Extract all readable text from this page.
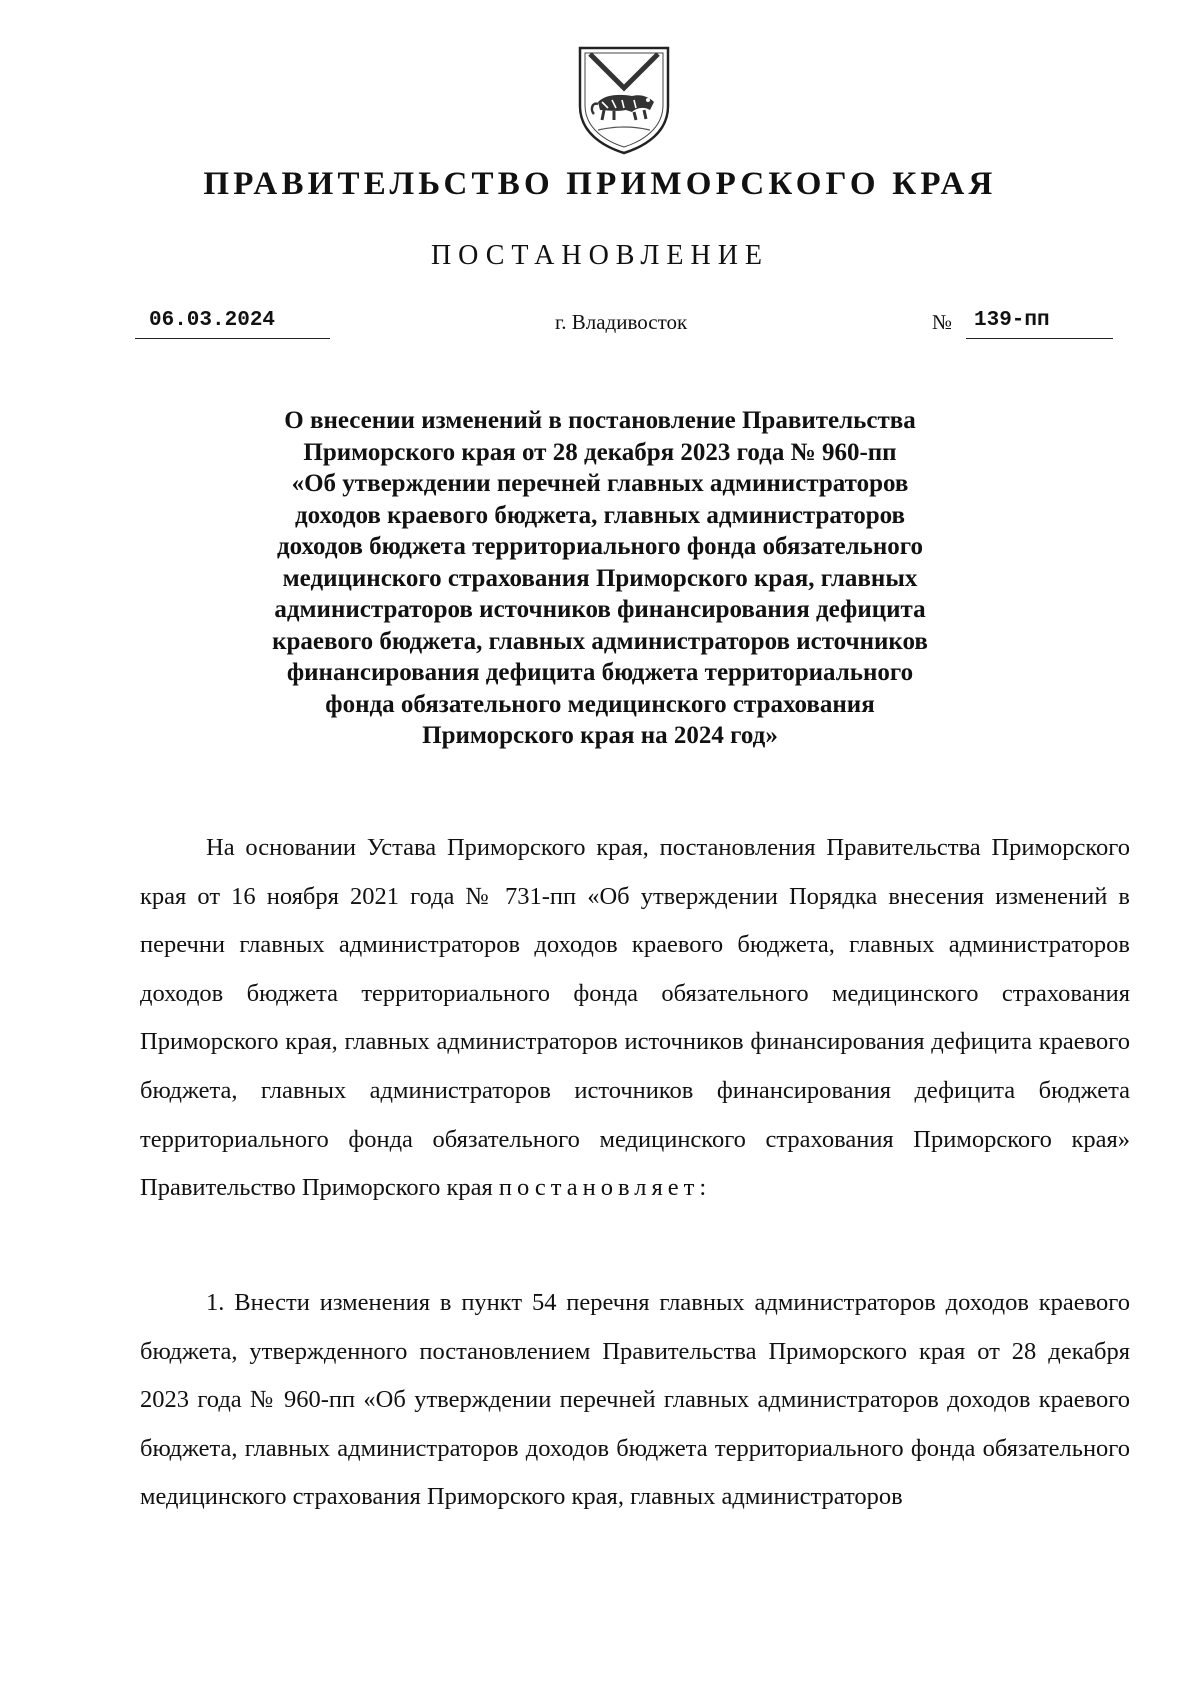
ПРАВИТЕЛЬСТВО ПРИМОРСКОГО КРАЯ
ПОСТАНОВЛЕНИЕ
06.03.2024	г. Владивосток	№	139-пп
О внесении изменений в постановление Правительства
Приморского края от 28 декабря 2023 года № 960-пп
«Об утверждении перечней главных администраторов
доходов краевого бюджета, главных администраторов
доходов бюджета территориального фонда обязательного
медицинского страхования Приморского края, главных
администраторов источников финансирования дефицита
краевого бюджета, главных администраторов источников
финансирования дефицита бюджета территориального
фонда обязательного медицинского страхования
Приморского края на 2024 год»

На основании Устава Приморского края, постановления Правительства Приморского края от 16 ноября 2021 года № 731-пп «Об утверждении Порядка внесения изменений в перечни главных администраторов доходов краевого бюджета, главных администраторов доходов бюджета территориального фонда обязательного медицинского страхования Приморского края, главных администраторов источников финансирования дефицита краевого бюджета, главных администраторов источников финансирования дефицита бюджета территориального фонда обязательного медицинского страхования Приморского края» Правительство Приморского края постановляет:

1. Внести изменения в пункт 54 перечня главных администраторов доходов краевого бюджета, утвержденного постановлением Правительства Приморского края от 28 декабря 2023 года № 960-пп «Об утверждении перечней главных администраторов доходов краевого бюджета, главных администраторов доходов бюджета территориального фонда обязательного медицинского страхования Приморского края, главных администраторов
